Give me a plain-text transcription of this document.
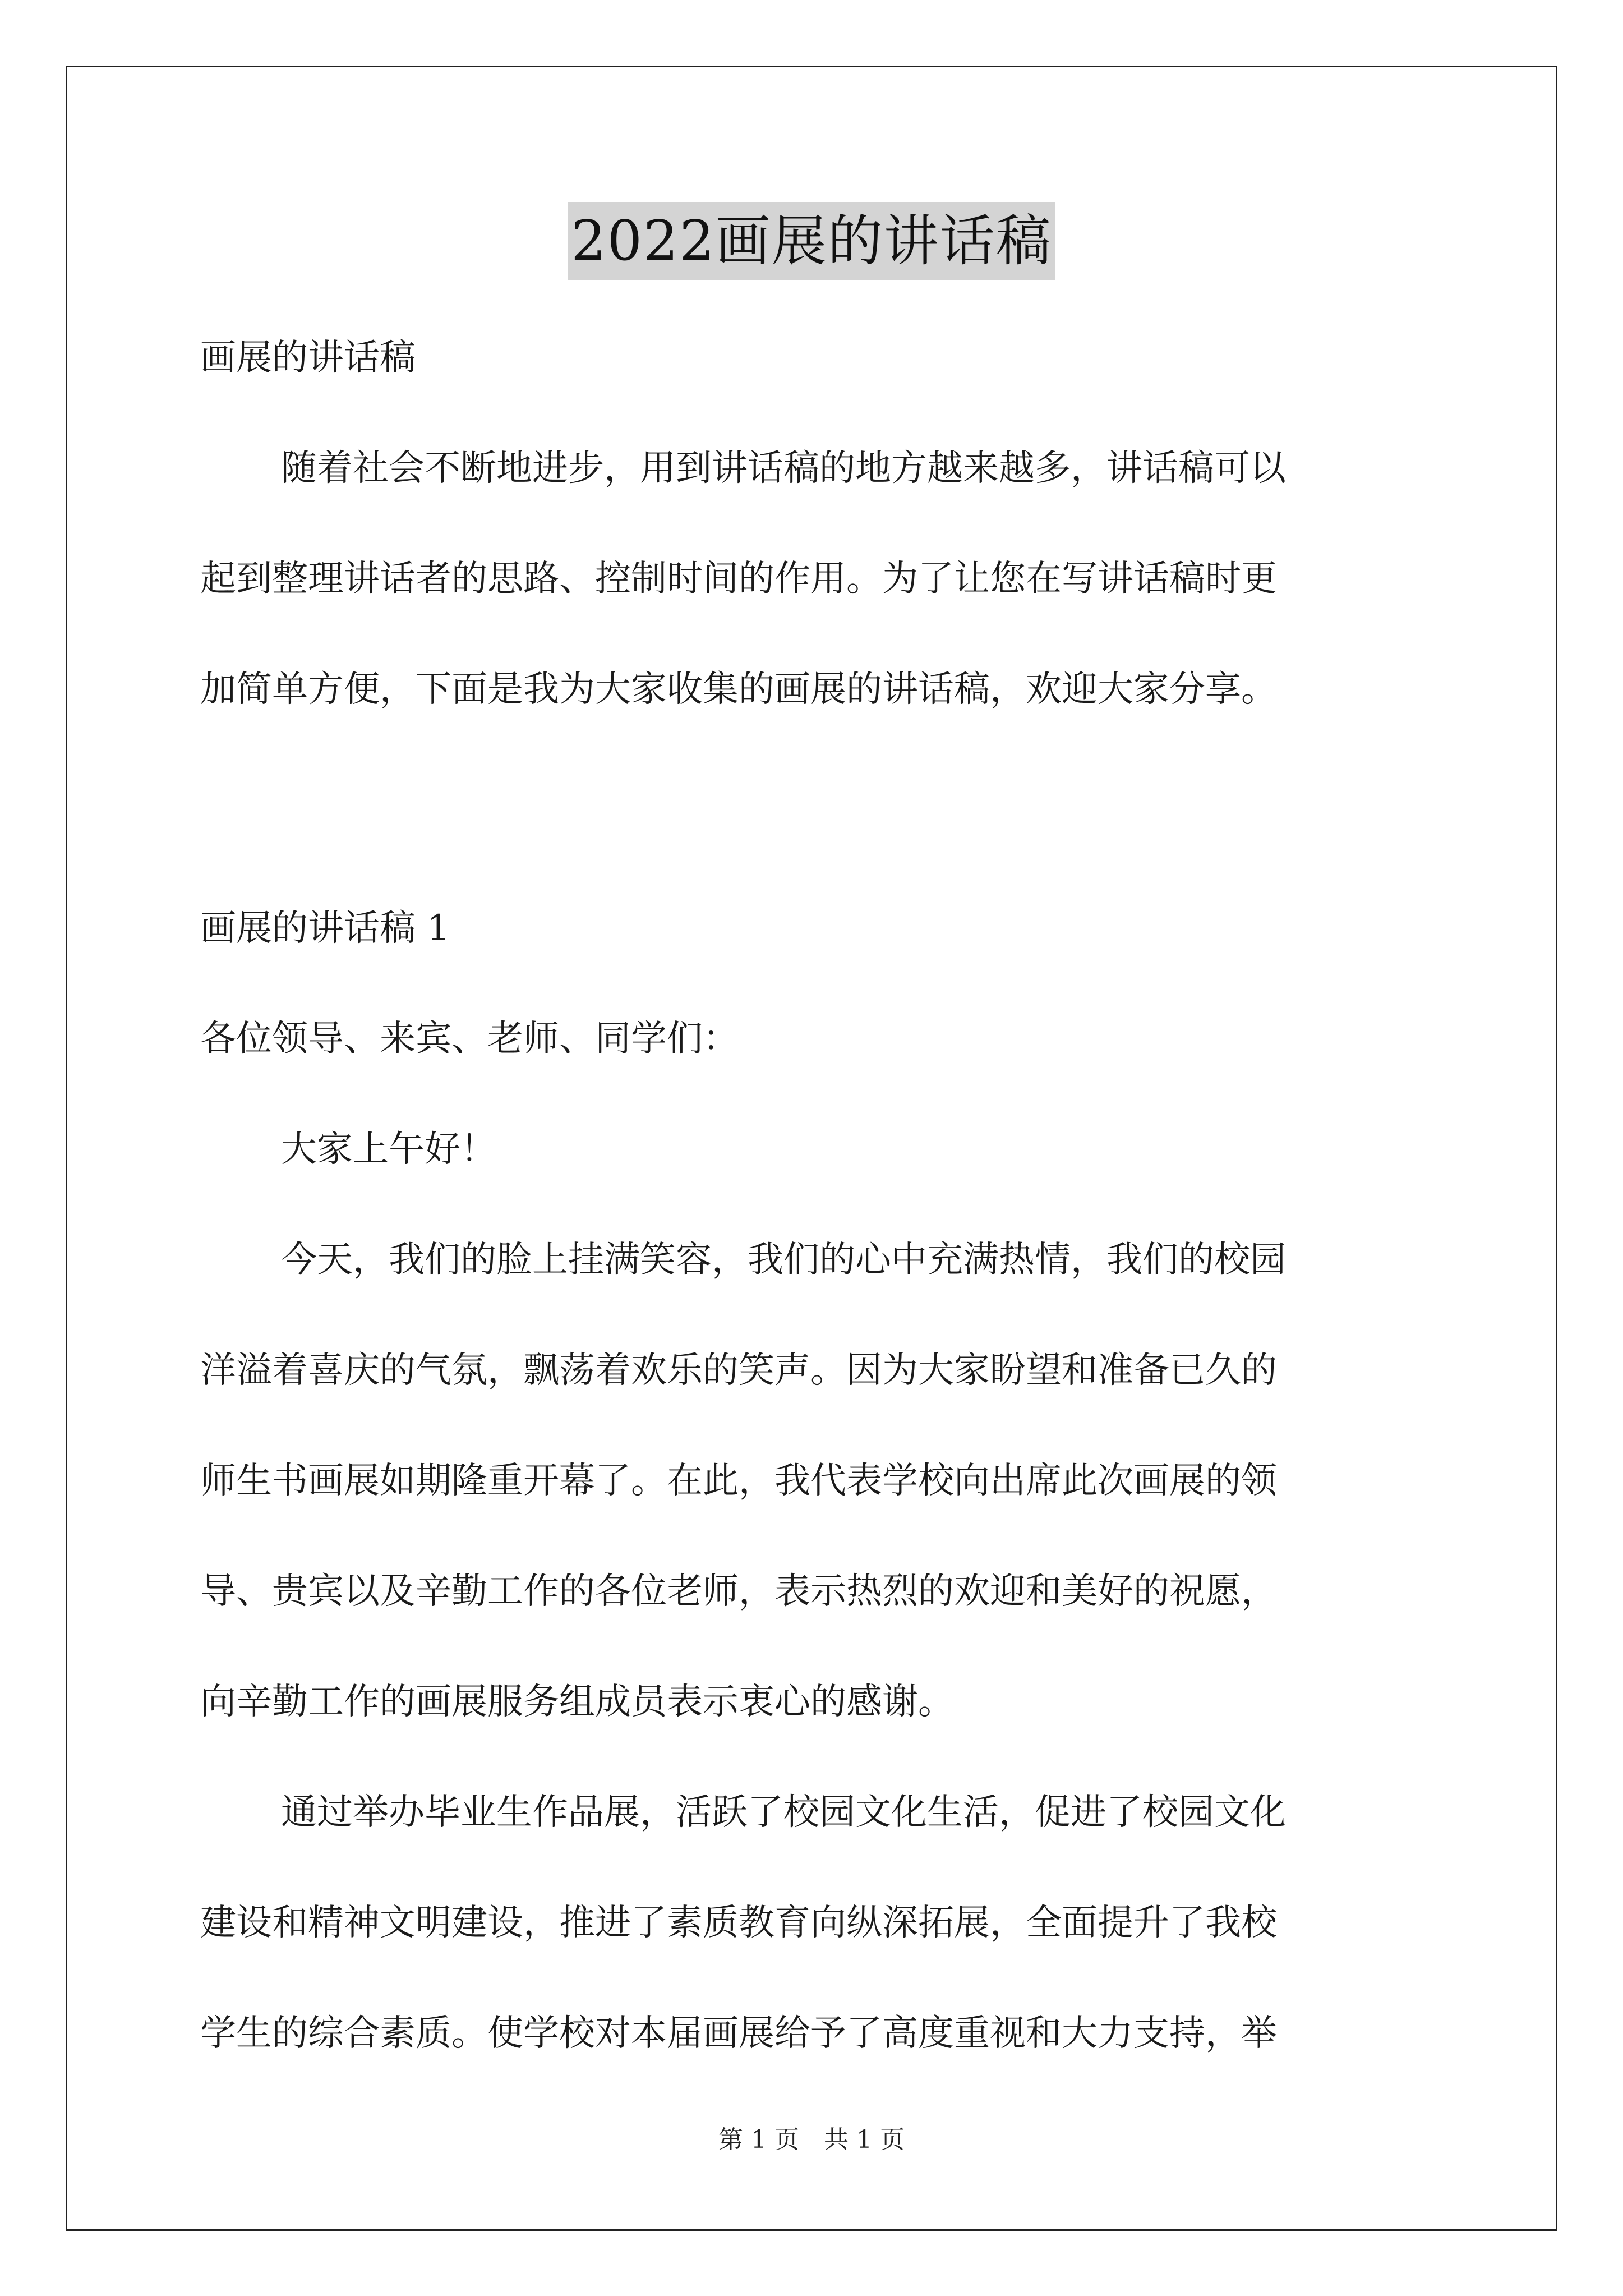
2022画展的讲话稿

画展的讲话稿

随着社会不断地进步，用到讲话稿的地方越来越多，讲话稿可以

起到整理讲话者的思路、控制时间的作用。为了让您在写讲话稿时更

加简单方便，下面是我为大家收集的画展的讲话稿，欢迎大家分享。

画展的讲话稿 1

各位领导、来宾、老师、同学们：

大家上午好！

今天，我们的脸上挂满笑容，我们的心中充满热情，我们的校园

洋溢着喜庆的气氛，飘荡着欢乐的笑声。因为大家盼望和准备已久的

师生书画展如期隆重开幕了。在此，我代表学校向出席此次画展的领

导、贵宾以及辛勤工作的各位老师，表示热烈的欢迎和美好的祝愿，

向辛勤工作的画展服务组成员表示衷心的感谢。

通过举办毕业生作品展，活跃了校园文化生活，促进了校园文化

建设和精神文明建设，推进了素质教育向纵深拓展，全面提升了我校

学生的综合素质。使学校对本届画展给予了高度重视和大力支持，举

第 1 页　共 1 页
